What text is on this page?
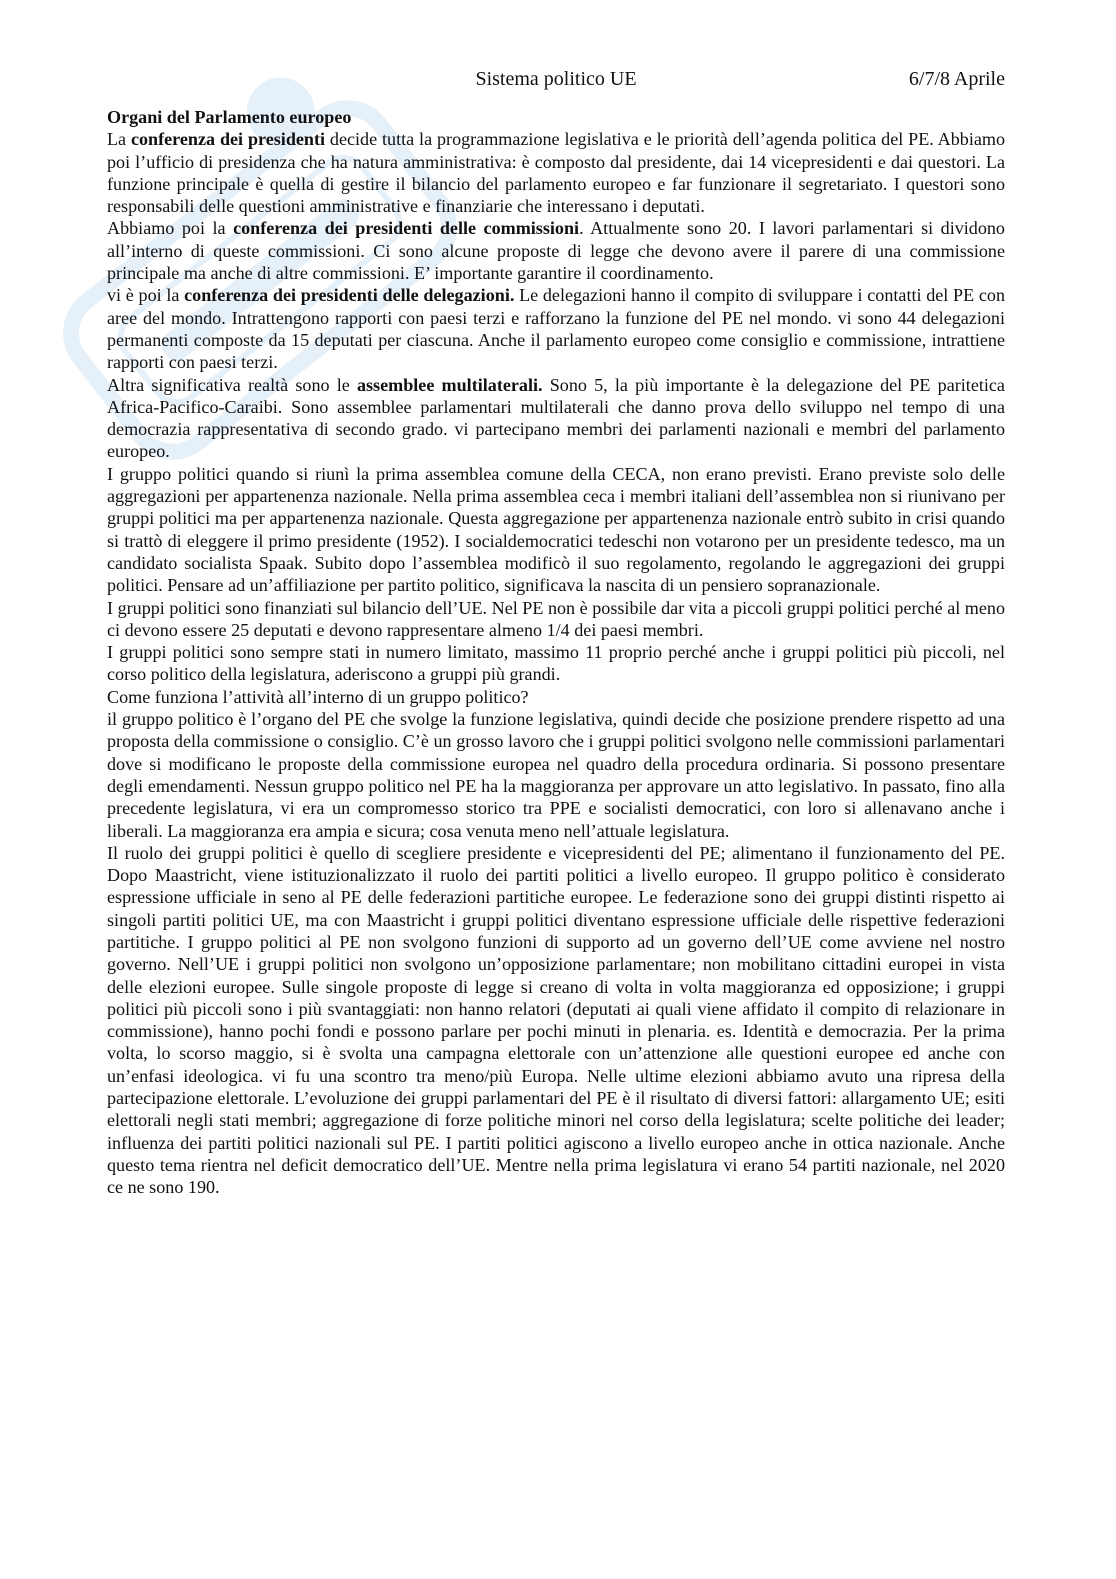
Sistema politico UE	6/7/8 Aprile

Organi del Parlamento europeo

La conferenza dei presidenti decide tutta la programmazione legislativa e le priorità dell’agenda politica del PE. Abbiamo poi l’ufficio di presidenza che ha natura amministrativa: è composto dal presidente, dai 14 vicepresidenti e dai questori. La funzione principale è quella di gestire il bilancio del parlamento europeo e far funzionare il segretariato. I questori sono responsabili delle questioni amministrative e finanziarie che interessano i deputati.

Abbiamo poi la conferenza dei presidenti delle commissioni. Attualmente sono 20. I lavori parlamentari si dividono all’interno di queste commissioni. Ci sono alcune proposte di legge che devono avere il parere di una commissione principale ma anche di altre commissioni. E’ importante garantire il coordinamento.

vi è poi la conferenza dei presidenti delle delegazioni. Le delegazioni hanno il compito di sviluppare i contatti del PE con aree del mondo. Intrattengono rapporti con paesi terzi e rafforzano la funzione del PE nel mondo. vi sono 44 delegazioni permanenti composte da 15 deputati per ciascuna. Anche il parlamento europeo come consiglio e commissione, intrattiene rapporti con paesi terzi.

Altra significativa realtà sono le assemblee multilaterali. Sono 5, la più importante è la delegazione del PE paritetica Africa-Pacifico-Caraibi. Sono assemblee parlamentari multilaterali che danno prova dello sviluppo nel tempo di una democrazia rappresentativa di secondo grado. vi partecipano membri dei parlamenti nazionali e membri del parlamento europeo.

I gruppo politici quando si riunì la prima assemblea comune della CECA, non erano previsti. Erano previste solo delle aggregazioni per appartenenza nazionale. Nella prima assemblea ceca i membri italiani dell’assemblea non si riunivano per gruppi politici ma per appartenenza nazionale. Questa aggregazione per appartenenza nazionale entrò subito in crisi quando si trattò di eleggere il primo presidente (1952). I socialdemocratici tedeschi non votarono per un presidente tedesco, ma un candidato socialista Spaak. Subito dopo l’assemblea modificò il suo regolamento, regolando le aggregazioni dei gruppi politici. Pensare ad un’affiliazione per partito politico, significava la nascita di un pensiero sopranazionale.

I gruppi politici sono finanziati sul bilancio dell’UE. Nel PE non è possibile dar vita a piccoli gruppi politici perché al meno ci devono essere 25 deputati e devono rappresentare almeno 1/4 dei paesi membri.

I gruppi politici sono sempre stati in numero limitato, massimo 11 proprio perché anche i gruppi politici più piccoli, nel corso politico della legislatura, aderiscono a gruppi più grandi.

Come funziona l’attività all’interno di un gruppo politico?

il gruppo politico è l’organo del PE che svolge la funzione legislativa, quindi decide che posizione prendere rispetto ad una proposta della commissione o consiglio. C’è un grosso lavoro che i gruppi politici svolgono nelle commissioni parlamentari dove si modificano le proposte della commissione europea nel quadro della procedura ordinaria. Si possono presentare degli emendamenti. Nessun gruppo politico nel PE ha la maggioranza per approvare un atto legislativo. In passato, fino alla precedente legislatura, vi era un compromesso storico tra PPE e socialisti democratici, con loro si allenavano anche i liberali. La maggioranza era ampia e sicura; cosa venuta meno nell’attuale legislatura.

Il ruolo dei gruppi politici è quello di scegliere presidente e vicepresidenti del PE; alimentano il funzionamento del PE. Dopo Maastricht, viene istituzionalizzato il ruolo dei partiti politici a livello europeo. Il gruppo politico è considerato espressione ufficiale in seno al PE delle federazioni partitiche europee. Le federazione sono dei gruppi distinti rispetto ai singoli partiti politici UE, ma con Maastricht i gruppi politici diventano espressione ufficiale delle rispettive federazioni partitiche. I gruppo politici al PE non svolgono funzioni di supporto ad un governo dell’UE come avviene nel nostro governo. Nell’UE i gruppi politici non svolgono un’opposizione parlamentare; non mobilitano cittadini europei in vista delle elezioni europee. Sulle singole proposte di legge si creano di volta in volta maggioranza ed opposizione; i gruppi politici più piccoli sono i più svantaggiati: non hanno relatori (deputati ai quali viene affidato il compito di relazionare in commissione), hanno pochi fondi e possono parlare per pochi minuti in plenaria. es. Identità e democrazia. Per la prima volta, lo scorso maggio, si è svolta una campagna elettorale con un’attenzione alle questioni europee ed anche con un’enfasi ideologica. vi fu una scontro tra meno/più Europa. Nelle ultime elezioni abbiamo avuto una ripresa della partecipazione elettorale. L’evoluzione dei gruppi parlamentari del PE è il risultato di diversi fattori: allargamento UE; esiti elettorali negli stati membri; aggregazione di forze politiche minori nel corso della legislatura; scelte politiche dei leader; influenza dei partiti politici nazionali sul PE. I partiti politici agiscono a livello europeo anche in ottica nazionale. Anche questo tema rientra nel deficit democratico dell’UE. Mentre nella prima legislatura vi erano 54 partiti nazionale, nel 2020 ce ne sono 190.
